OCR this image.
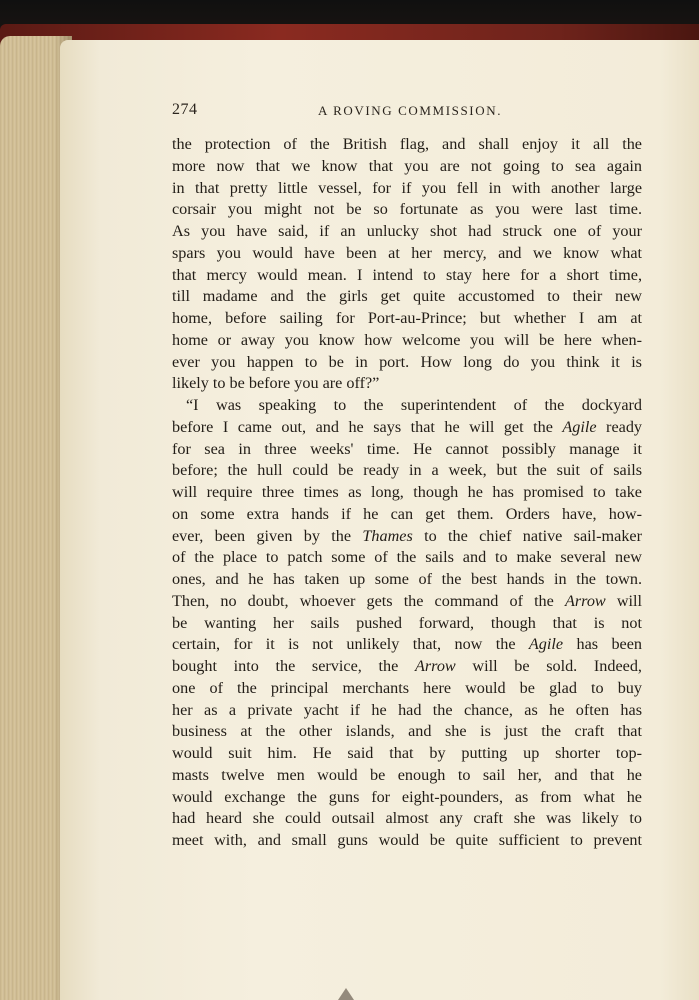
274	A ROVING COMMISSION.
the protection of the British flag, and shall enjoy it all the
more now that we know that you are not going to sea again
in that pretty little vessel, for if you fell in with another large
corsair you might not be so fortunate as you were last time.
As you have said, if an unlucky shot had struck one of your
spars you would have been at her mercy, and we know what
that mercy would mean. I intend to stay here for a short time,
till madame and the girls get quite accustomed to their new
home, before sailing for Port-au-Prince; but whether I am at
home or away you know how welcome you will be here when-
ever you happen to be in port. How long do you think it is
likely to be before you are off?”
“I was speaking to the superintendent of the dockyard
before I came out, and he says that he will get the Agile ready
for sea in three weeks' time. He cannot possibly manage it
before; the hull could be ready in a week, but the suit of sails
will require three times as long, though he has promised to take
on some extra hands if he can get them. Orders have, how-
ever, been given by the Thames to the chief native sail-maker
of the place to patch some of the sails and to make several new
ones, and he has taken up some of the best hands in the town.
Then, no doubt, whoever gets the command of the Arrow will
be wanting her sails pushed forward, though that is not
certain, for it is not unlikely that, now the Agile has been
bought into the service, the Arrow will be sold. Indeed,
one of the principal merchants here would be glad to buy
her as a private yacht if he had the chance, as he often has
business at the other islands, and she is just the craft that
would suit him. He said that by putting up shorter top-
masts twelve men would be enough to sail her, and that he
would exchange the guns for eight-pounders, as from what he
had heard she could outsail almost any craft she was likely to
meet with, and small guns would be quite sufficient to prevent
